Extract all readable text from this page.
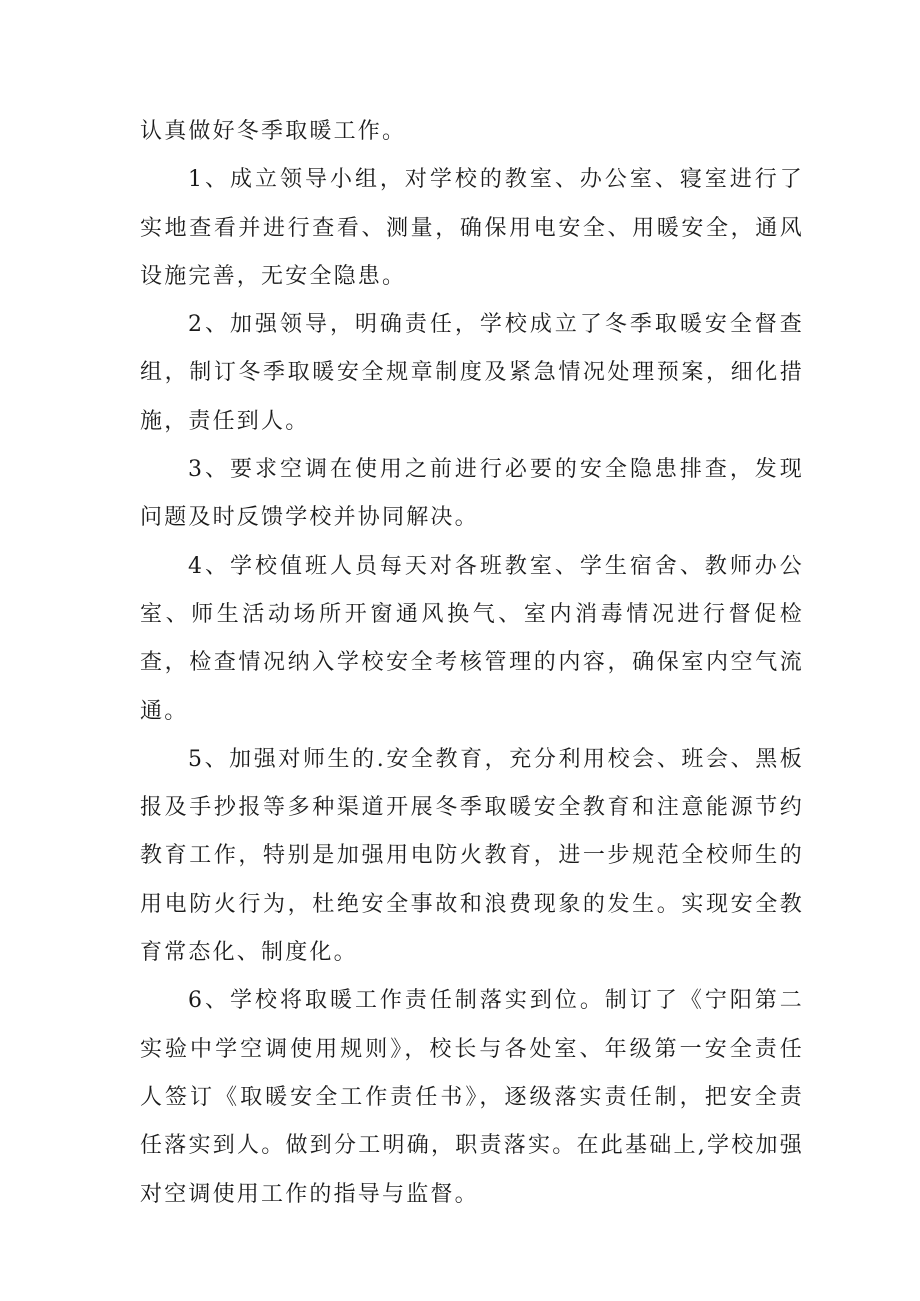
认真做好冬季取暖工作。

1、成立领导小组，对学校的教室、办公室、寝室进行了实地查看并进行查看、测量，确保用电安全、用暖安全，通风设施完善，无安全隐患。

2、加强领导，明确责任，学校成立了冬季取暖安全督查组，制订冬季取暖安全规章制度及紧急情况处理预案，细化措施，责任到人。

3、要求空调在使用之前进行必要的安全隐患排查，发现问题及时反馈学校并协同解决。

4、学校值班人员每天对各班教室、学生宿舍、教师办公室、师生活动场所开窗通风换气、室内消毒情况进行督促检查，检查情况纳入学校安全考核管理的内容，确保室内空气流通。

5、加强对师生的.安全教育，充分利用校会、班会、黑板报及手抄报等多种渠道开展冬季取暖安全教育和注意能源节约教育工作，特别是加强用电防火教育，进一步规范全校师生的用电防火行为，杜绝安全事故和浪费现象的发生。实现安全教育常态化、制度化。

6、学校将取暖工作责任制落实到位。制订了《宁阳第二实验中学空调使用规则》，校长与各处室、年级第一安全责任人签订《取暖安全工作责任书》，逐级落实责任制，把安全责任落实到人。做到分工明确，职责落实。在此基础上,学校加强对空调使用工作的指导与监督。
